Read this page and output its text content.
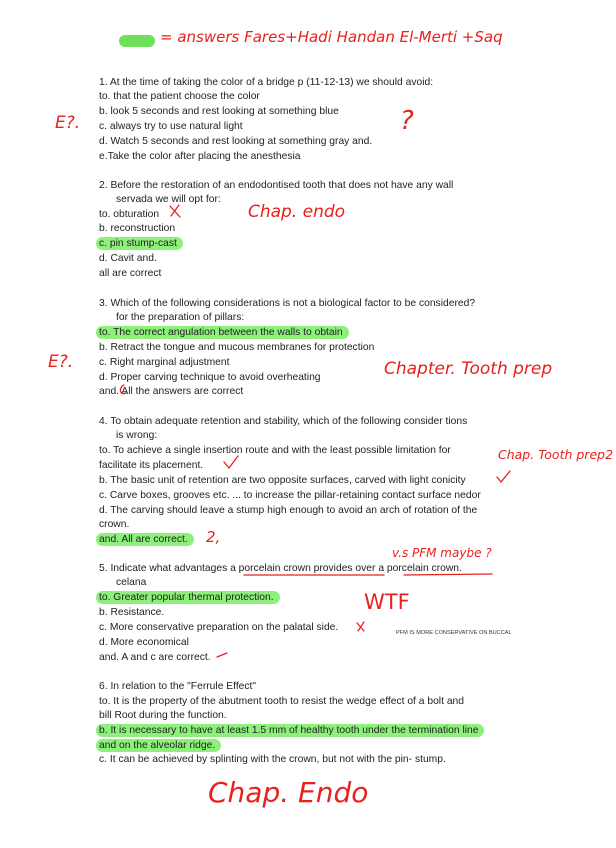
= answers Fares+Hadi Handan El-Merti +Saq
1. At the time of taking the color of a bridge p (11-12-13) we should avoid:
to. that the patient choose the color
b. look 5 seconds and rest looking at something blue
c. always try to use natural light
d. Watch 5 seconds and rest looking at something gray and.
e.Take the color after placing the anesthesia
2. Before the restoration of an endodontised tooth that does not have any wall
servada we will opt for:
to. obturation
b. reconstruction
c. pin stump-cast
d. Cavit and.
all are correct
3. Which of the following considerations is not a biological factor to be considered?
for the preparation of pillars:
to. The correct angulation between the walls to obtain
b. Retract the tongue and mucous membranes for protection
c. Right marginal adjustment
d. Proper carving technique to avoid overheating
and. All the answers are correct
4. To obtain adequate retention and stability, which of the following consider tions
is wrong:
to. To achieve a single insertion route and with the least possible limitation for
facilitate its placement.
b. The basic unit of retention are two opposite surfaces, carved with light conicity
c. Carve boxes, grooves etc. ... to increase the pillar-retaining contact surface nedor
d. The carving should leave a stump high enough to avoid an arch of rotation of the
crown.
and. All are correct.
5. Indicate what advantages a porcelain crown provides over a porcelain crown.
celana
to. Greater popular thermal protection.
b. Resistance.
c. More conservative preparation on the palatal side.
d. More economical
and. A and c are correct.
6. In relation to the "Ferrule Effect"
to. It is the property of the abutment tooth to resist the wedge effect of a bolt and
bill Root during the function.
b. It is necessary to have at least 1.5 mm of healthy tooth under the termination line
and on the alveolar ridge.
c. It can be achieved by splinting with the crown, but not with the pin- stump.
E?.	?
Chap. endo
E?.	Chapter. Tooth prep
Chap. Tooth prep2
2,
v.s PFM maybe ?
WTF
PFM IS MORE CONSERVATIVE ON BUCCAL
Chap. Endo
